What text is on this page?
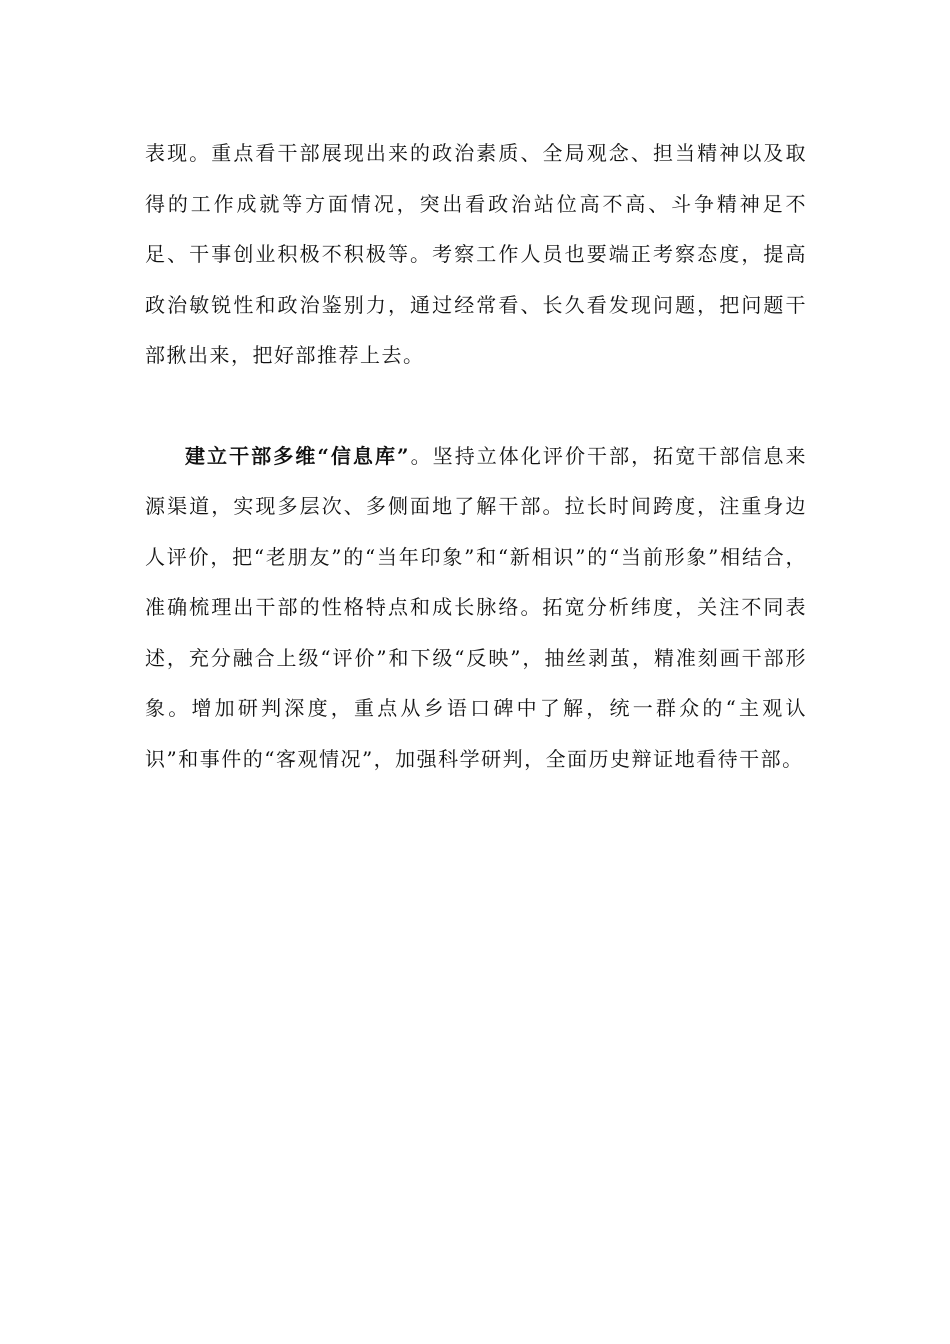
表现。重点看干部展现出来的政治素质、全局观念、担当精神以及取得的工作成就等方面情况，突出看政治站位高不高、斗争精神足不足、干事创业积极不积极等。考察工作人员也要端正考察态度，提高政治敏锐性和政治鉴别力，通过经常看、长久看发现问题，把问题干部揪出来，把好部推荐上去。

建立干部多维“信息库”。坚持立体化评价干部，拓宽干部信息来源渠道，实现多层次、多侧面地了解干部。拉长时间跨度，注重身边人评价，把“老朋友”的“当年印象”和“新相识”的“当前形象”相结合，准确梳理出干部的性格特点和成长脉络。拓宽分析纬度，关注不同表述，充分融合上级“评价”和下级“反映”，抽丝剥茧，精准刻画干部形象。增加研判深度，重点从乡语口碑中了解，统一群众的“主观认识”和事件的“客观情况”，加强科学研判，全面历史辩证地看待干部。
